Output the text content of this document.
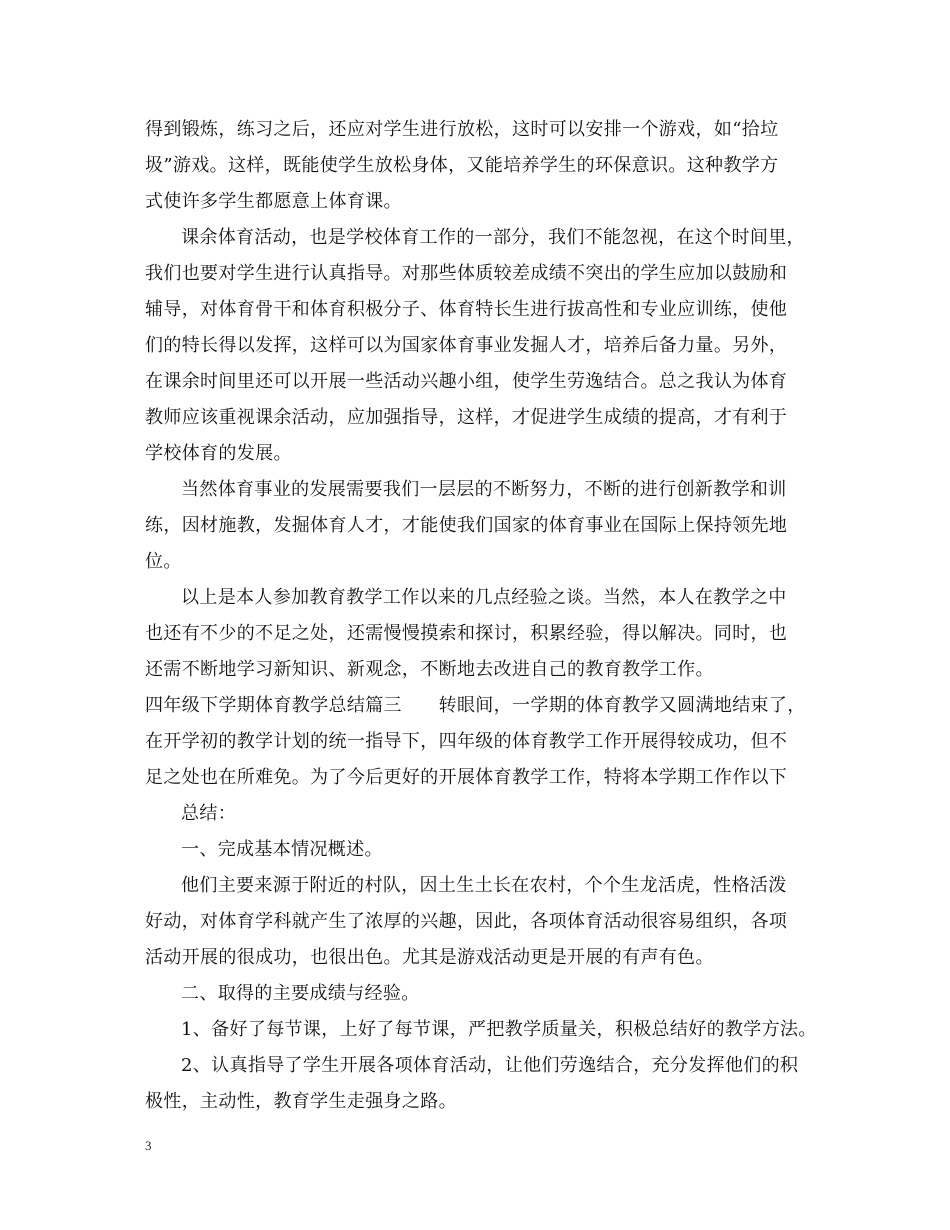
得到锻炼，练习之后，还应对学生进行放松，这时可以安排一个游戏，如“拾垃
圾”游戏。这样，既能使学生放松身体，又能培养学生的环保意识。这种教学方
式使许多学生都愿意上体育课。
课余体育活动，也是学校体育工作的一部分，我们不能忽视，在这个时间里，
我们也要对学生进行认真指导。对那些体质较差成绩不突出的学生应加以鼓励和
辅导，对体育骨干和体育积极分子、体育特长生进行拔高性和专业应训练，使他
们的特长得以发挥，这样可以为国家体育事业发掘人才，培养后备力量。另外，
在课余时间里还可以开展一些活动兴趣小组，使学生劳逸结合。总之我认为体育
教师应该重视课余活动，应加强指导，这样，才促进学生成绩的提高，才有利于
学校体育的发展。
当然体育事业的发展需要我们一层层的不断努力，不断的进行创新教学和训
练，因材施教，发掘体育人才，才能使我们国家的体育事业在国际上保持领先地
位。
以上是本人参加教育教学工作以来的几点经验之谈。当然，本人在教学之中
也还有不少的不足之处，还需慢慢摸索和探讨，积累经验，得以解决。同时，也
还需不断地学习新知识、新观念，不断地去改进自己的教育教学工作。
四年级下学期体育教学总结篇三　　转眼间，一学期的体育教学又圆满地结束了，
在开学初的教学计划的统一指导下，四年级的体育教学工作开展得较成功，但不
足之处也在所难免。为了今后更好的开展体育教学工作，特将本学期工作作以下
总结：
一、完成基本情况概述。
他们主要来源于附近的村队，因土生土长在农村，个个生龙活虎，性格活泼
好动，对体育学科就产生了浓厚的兴趣，因此，各项体育活动很容易组织，各项
活动开展的很成功，也很出色。尤其是游戏活动更是开展的有声有色。
二、取得的主要成绩与经验。
1、备好了每节课，上好了每节课，严把教学质量关，积极总结好的教学方法。
2、认真指导了学生开展各项体育活动，让他们劳逸结合，充分发挥他们的积
极性，主动性，教育学生走强身之路。
3
